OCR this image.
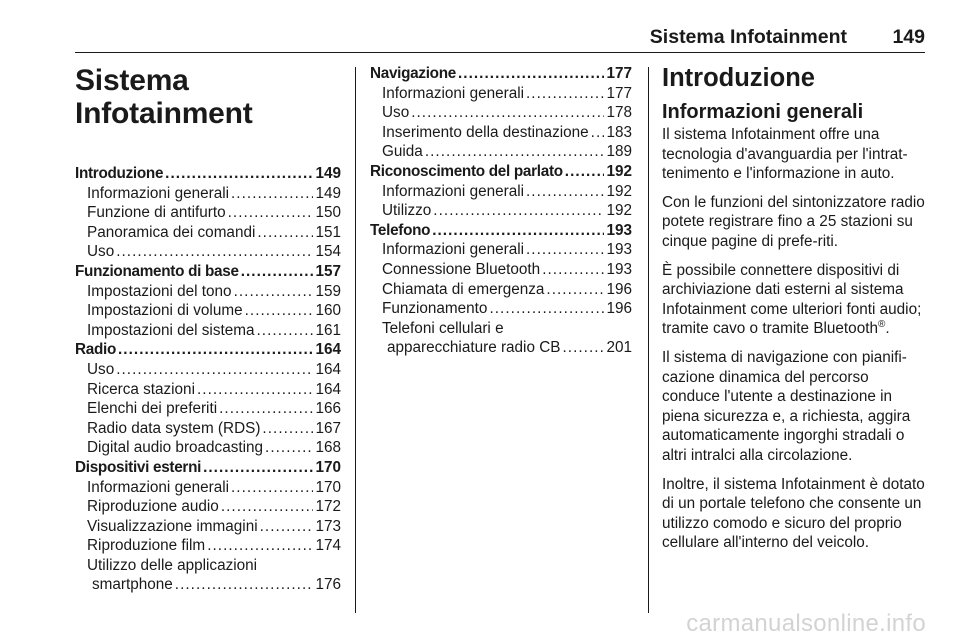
Sistema Infotainment 149
Sistema
Infotainment
Introduzione . . .	149
Informazioni generali . . .	149
Funzione di antifurto . . .	150
Panoramica dei comandi . . .	151
Uso . . .	154
Funzionamento di base . . .	157
Impostazioni del tono . . .	159
Impostazioni di volume . . .	160
Impostazioni del sistema . . .	161
Radio . . .	164
Uso . . .	164
Ricerca stazioni . . .	164
Elenchi dei preferiti . . .	166
Radio data system (RDS) . . .	167
Digital audio broadcasting . . .	168
Dispositivi esterni . . .	170
Informazioni generali . . .	170
Riproduzione audio . . .	172
Visualizzazione immagini . . .	173
Riproduzione film . . .	174
Utilizzo delle applicazioni
smartphone . . .	176
Navigazione . . .	177
Informazioni generali . . .	177
Uso . . .	178
Inserimento della destinazione . . . 183
Guida . . .	189
Riconoscimento del parlato . . .	192
Informazioni generali . . .	192
Utilizzo . . .	192
Telefono . . .	193
Informazioni generali . . .	193
Connessione Bluetooth . . .	193
Chiamata di emergenza . . .	196
Funzionamento . . .	196
Telefoni cellulari e
apparecchiature radio CB . . .	201
Introduzione
Informazioni generali

Il sistema Infotainment offre una tecnologia d'avanguardia per l'intrat-tenimento e l'informazione in auto.

Con le funzioni del sintonizzatore radio potete registrare fino a 25 stazioni su cinque pagine di prefe-riti.

È possibile connettere dispositivi di archiviazione dati esterni al sistema Infotainment come ulteriori fonti audio; tramite cavo o tramite Bluetooth®.

Il sistema di navigazione con pianifi-cazione dinamica del percorso conduce l'utente a destinazione in piena sicurezza e, a richiesta, aggira automaticamente ingorghi stradali o altri intralci alla circolazione.

Inoltre, il sistema Infotainment è dotato di un portale telefono che consente un utilizzo comodo e sicuro del proprio cellulare all'interno del veicolo.

carmanualsonline.info
